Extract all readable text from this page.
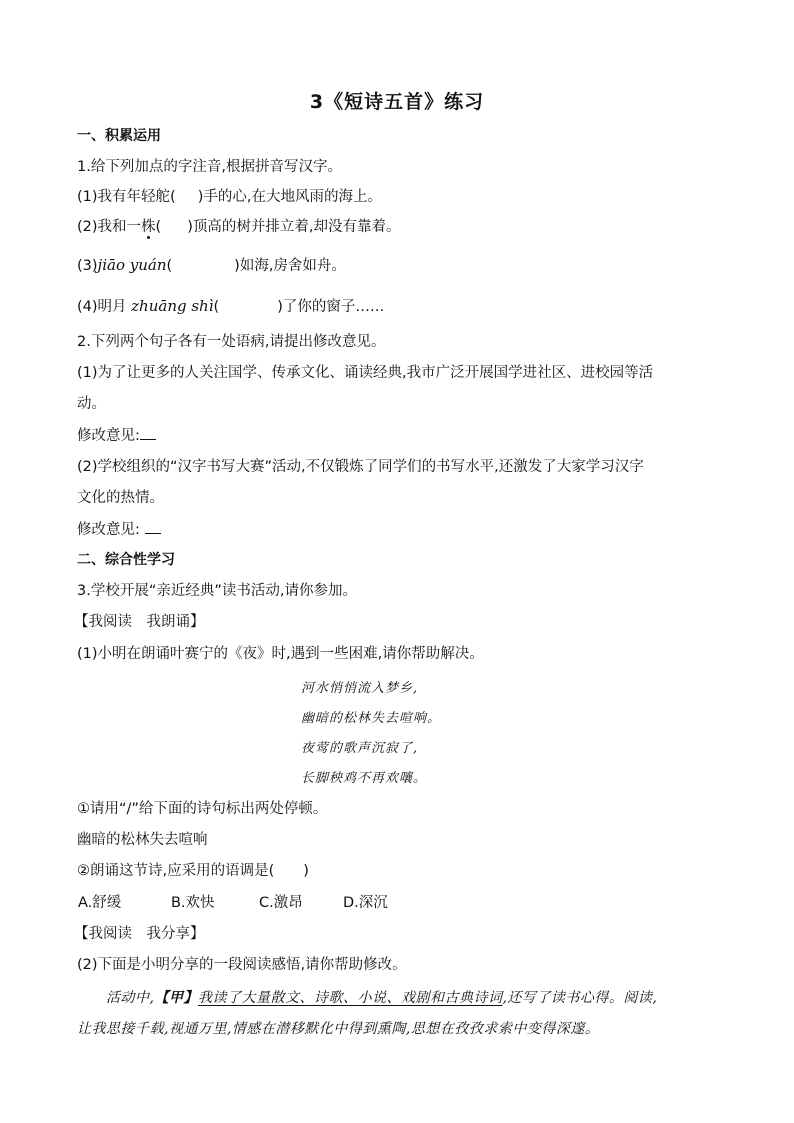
3《短诗五首》练习
一、积累运用
1.给下列加点的字注音,根据拼音写汉字。
(1)我有年轻舵( )手的心,在大地风雨的海上。
(2)我和一株( )顶高的树并排立着,却没有靠着。
(3)jiāo yuán(	)如海,房舍如舟。
(4)明月 zhuāng shì(	)了你的窗子……
2.下列两个句子各有一处语病,请提出修改意见。
(1)为了让更多的人关注国学、传承文化、诵读经典,我市广泛开展国学进社区、进校园等活
动。
修改意见:
(2)学校组织的“汉字书写大赛”活动,不仅锻炼了同学们的书写水平,还激发了大家学习汉字
文化的热情。
修改意见:
二、综合性学习
3.学校开展“亲近经典”读书活动,请你参加。
【我阅读　我朗诵】
(1)小明在朗诵叶赛宁的《夜》时,遇到一些困难,请你帮助解决。
河水悄悄流入梦乡,
幽暗的松林失去喧响。
夜莺的歌声沉寂了,
长脚秧鸡不再欢嚷。
①请用“/”给下面的诗句标出两处停顿。
幽暗的松林失去喧响
②朗诵这节诗,应采用的语调是(　　)
A.舒缓	B.欢快	C.激昂	D.深沉
【我阅读　我分享】
(2)下面是小明分享的一段阅读感悟,请你帮助修改。
活动中,【甲】我读了大量散文、诗歌、小说、戏剧和古典诗词,还写了读书心得。阅读,
让我思接千载,视通万里,情感在潜移默化中得到熏陶,思想在孜孜求索中变得深邃。
